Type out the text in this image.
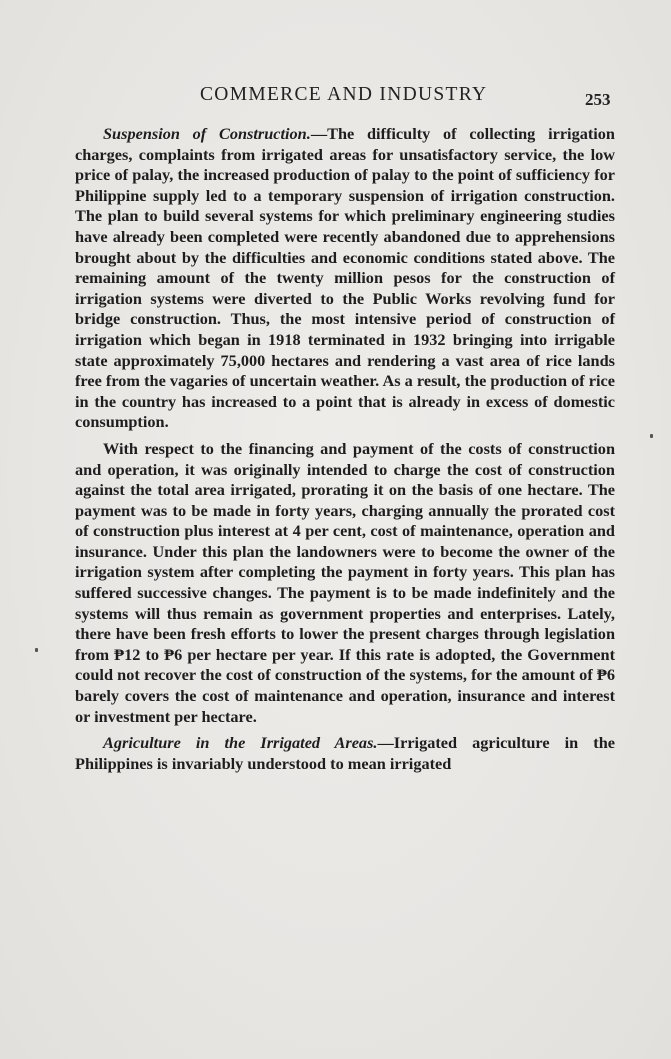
COMMERCE AND INDUSTRY	253

Suspension of Construction.—The difficulty of collecting irrigation charges, complaints from irrigated areas for unsatisfactory service, the low price of palay, the increased production of palay to the point of sufficiency for Philippine supply led to a temporary suspension of irrigation construction. The plan to build several systems for which preliminary engineering studies have already been completed were recently abandoned due to apprehensions brought about by the difficulties and economic conditions stated above. The remaining amount of the twenty million pesos for the construction of irrigation systems were diverted to the Public Works revolving fund for bridge construction. Thus, the most intensive period of construction of irrigation which began in 1918 terminated in 1932 bringing into irrigable state approximately 75,000 hectares and rendering a vast area of rice lands free from the vagaries of uncertain weather. As a result, the production of rice in the country has increased to a point that is already in excess of domestic consumption.

With respect to the financing and payment of the costs of construction and operation, it was originally intended to charge the cost of construction against the total area irrigated, prorating it on the basis of one hectare. The payment was to be made in forty years, charging annually the prorated cost of construction plus interest at 4 per cent, cost of maintenance, operation and insurance. Under this plan the landowners were to become the owner of the irrigation system after completing the payment in forty years. This plan has suffered successive changes. The payment is to be made indefinitely and the systems will thus remain as government properties and enterprises. Lately, there have been fresh efforts to lower the present charges through legislation from ₱12 to ₱6 per hectare per year. If this rate is adopted, the Government could not recover the cost of construction of the systems, for the amount of ₱6 barely covers the cost of maintenance and operation, insurance and interest or investment per hectare.

Agriculture in the Irrigated Areas.—Irrigated agriculture in the Philippines is invariably understood to mean irrigated
